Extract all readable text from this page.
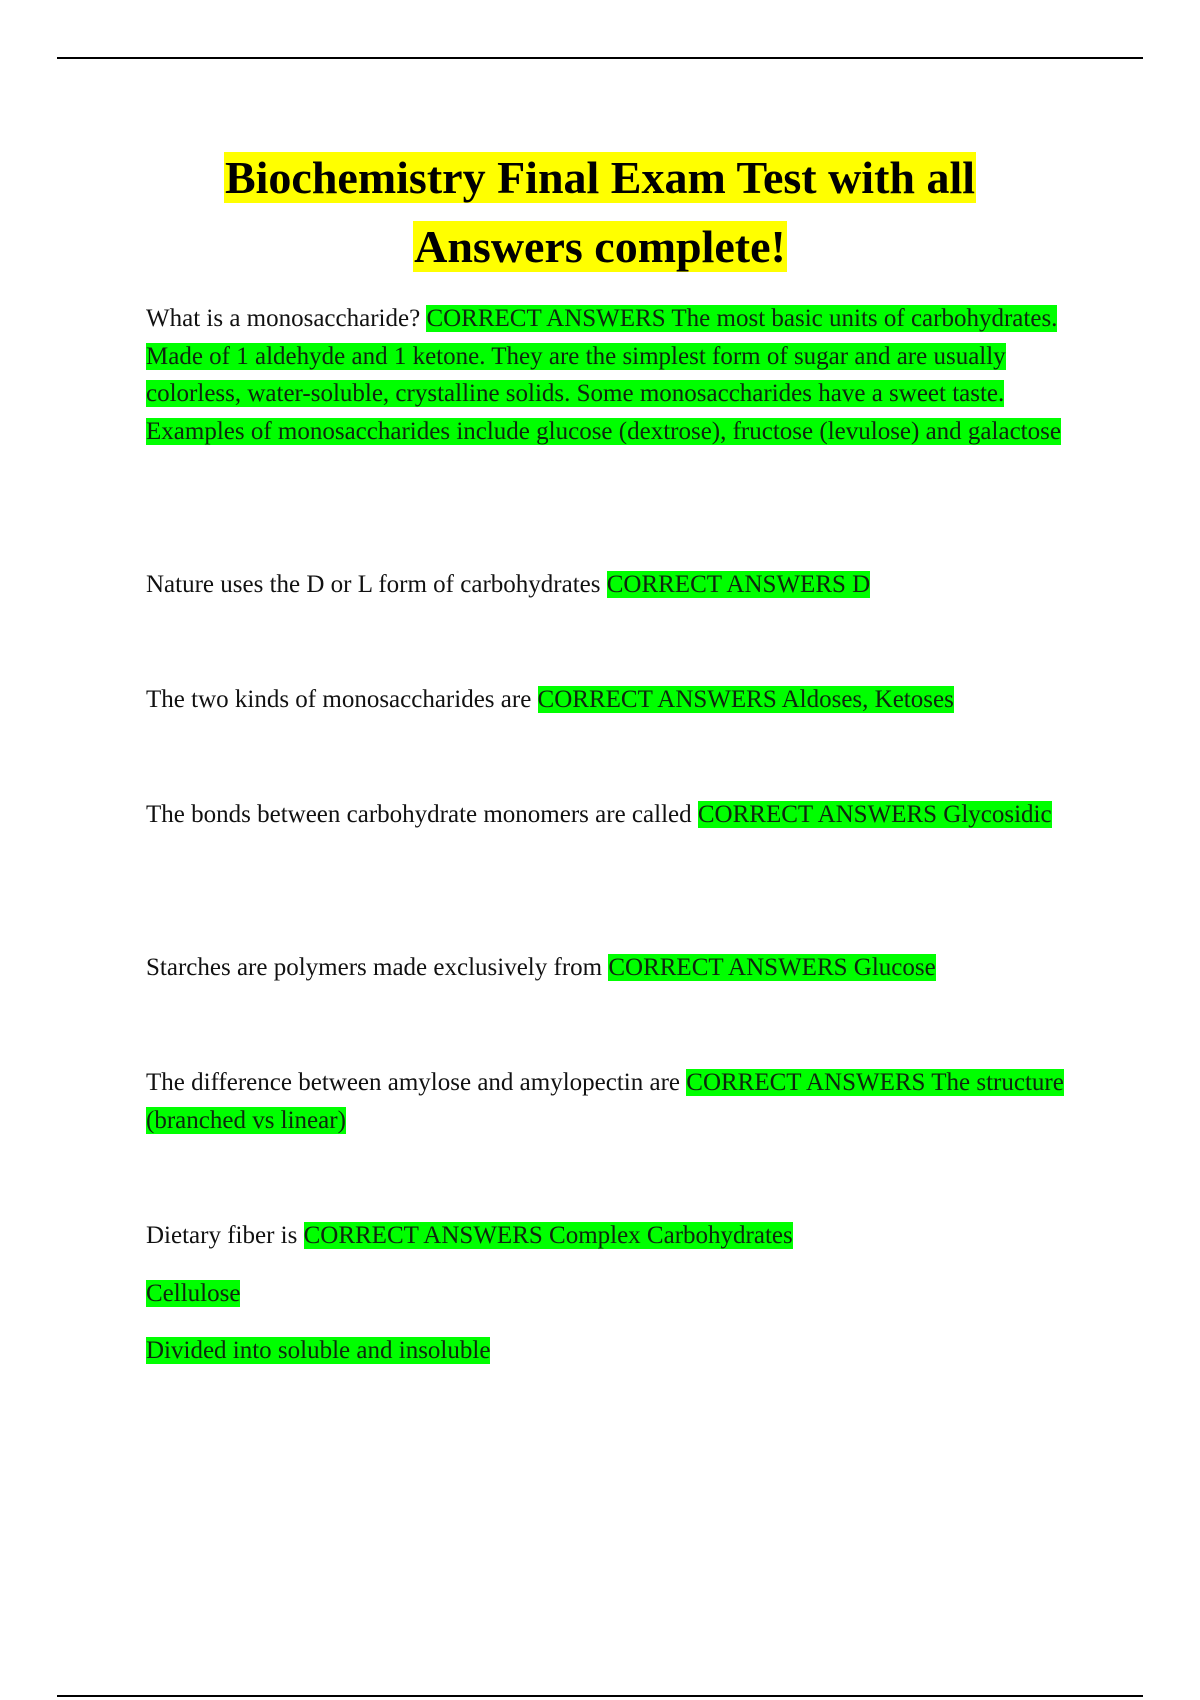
Biochemistry Final Exam Test with all
Answers complete!

What is a monosaccharide? CORRECT ANSWERS The most basic units of carbohydrates. Made of 1 aldehyde and 1 ketone. They are the simplest form of sugar and are usually colorless, water-soluble, crystalline solids. Some monosaccharides have a sweet taste. Examples of monosaccharides include glucose (dextrose), fructose (levulose) and galactose

Nature uses the D or L form of carbohydrates CORRECT ANSWERS D

The two kinds of monosaccharides are CORRECT ANSWERS Aldoses, Ketoses

The bonds between carbohydrate monomers are called CORRECT ANSWERS Glycosidic

Starches are polymers made exclusively from CORRECT ANSWERS Glucose

The difference between amylose and amylopectin are CORRECT ANSWERS The structure (branched vs linear)

Dietary fiber is CORRECT ANSWERS Complex Carbohydrates

Cellulose

Divided into soluble and insoluble
